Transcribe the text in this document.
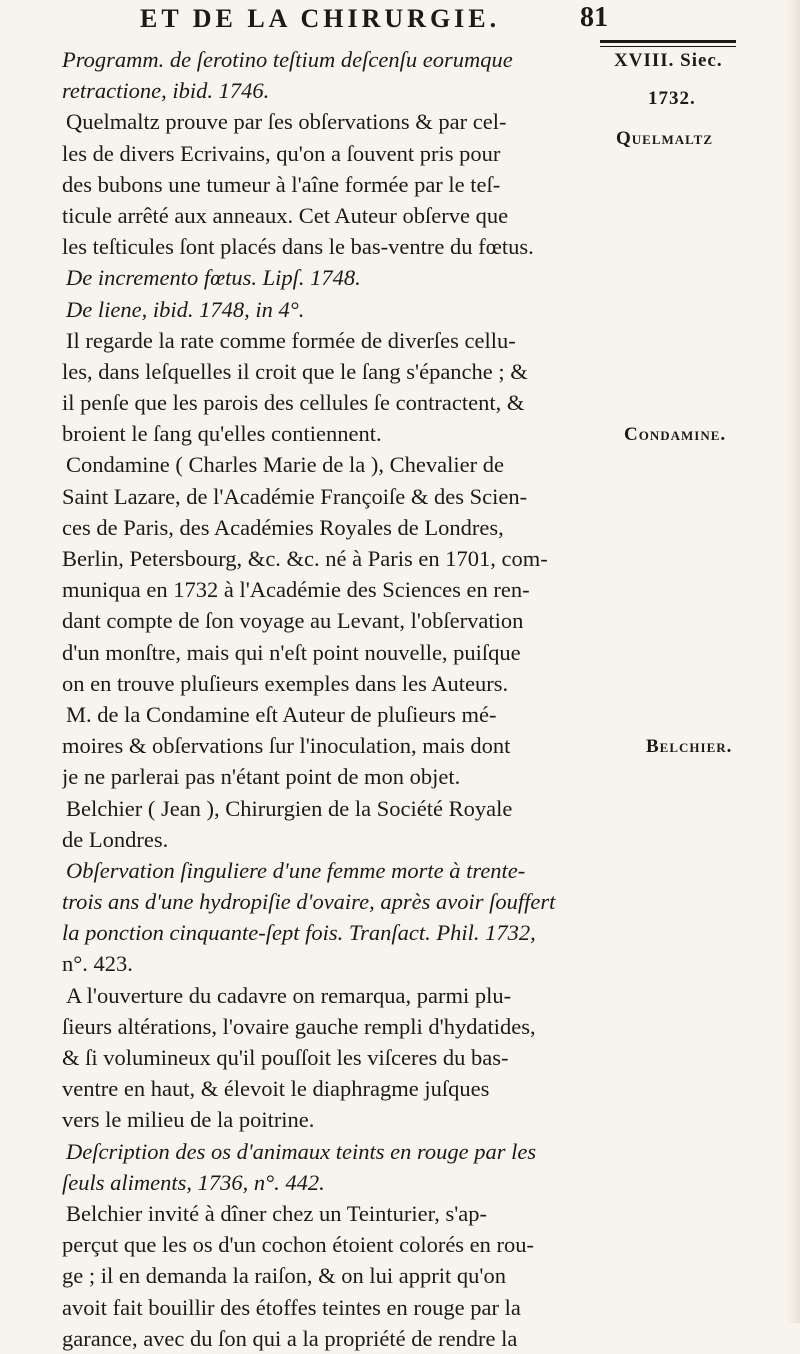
ET DE LA CHIRURGIE.	81
XVIII. Siec.
1732.
Quelmaltz
Condamine.
Belchier.
Programm. de ſerotino teſtium deſcenſu eorumque
retractione, ibid. 1746.
Quelmaltz prouve par ſes obſervations & par cel-
les de divers Ecrivains, qu'on a ſouvent pris pour
des bubons une tumeur à l'aîne formée par le teſ-
ticule arrêté aux anneaux. Cet Auteur obſerve que
les teſticules ſont placés dans le bas-ventre du fœtus.
De incremento fœtus. Lipſ. 1748.
De liene, ibid. 1748, in 4°.
Il regarde la rate comme formée de diverſes cellu-
les, dans leſquelles il croit que le ſang s'épanche ; &
il penſe que les parois des cellules ſe contractent, &
broient le ſang qu'elles contiennent.
Condamine ( Charles Marie de la ), Chevalier de
Saint Lazare, de l'Académie Françoiſe & des Scien-
ces de Paris, des Académies Royales de Londres,
Berlin, Petersbourg, &c. &c. né à Paris en 1701, com-
muniqua en 1732 à l'Académie des Sciences en ren-
dant compte de ſon voyage au Levant, l'obſervation
d'un monſtre, mais qui n'eſt point nouvelle, puiſque
on en trouve pluſieurs exemples dans les Auteurs.
M. de la Condamine eſt Auteur de pluſieurs mé-
moires & obſervations ſur l'inoculation, mais dont
je ne parlerai pas n'étant point de mon objet.
Belchier ( Jean ), Chirurgien de la Société Royale
de Londres.
Obſervation ſinguliere d'une femme morte à trente-
trois ans d'une hydropiſie d'ovaire, après avoir ſouffert
la ponction cinquante-ſept fois. Tranſact. Phil. 1732,
n°. 423.
A l'ouverture du cadavre on remarqua, parmi plu-
ſieurs altérations, l'ovaire gauche rempli d'hydatides,
& ſi volumineux qu'il pouſſoit les viſceres du bas-
ventre en haut, & élevoit le diaphragme juſques
vers le milieu de la poitrine.
Deſcription des os d'animaux teints en rouge par les
ſeuls aliments, 1736, n°. 442.
Belchier invité à dîner chez un Teinturier, s'ap-
perçut que les os d'un cochon étoient colorés en rou-
ge ; il en demanda la raiſon, & on lui apprit qu'on
avoit fait bouillir des étoffes teintes en rouge par la
garance, avec du ſon qui a la propriété de rendre la
